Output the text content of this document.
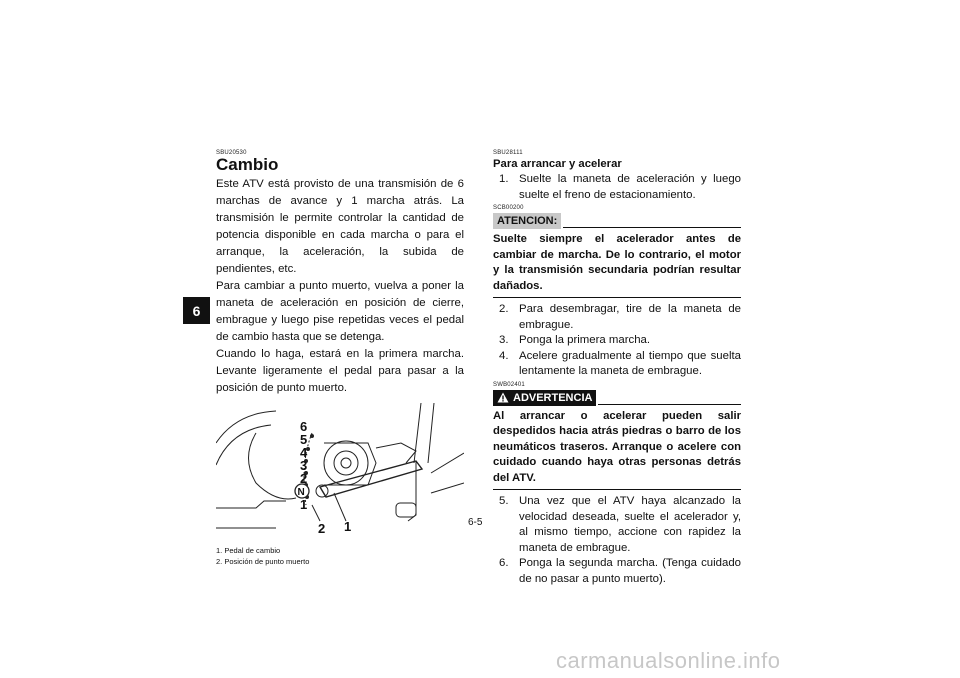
6
SBU20530
Cambio

Este ATV está provisto de una transmisión de 6 marchas de avance y 1 marcha atrás. La transmisión le permite controlar la cantidad de potencia disponible en cada marcha o para el arranque, la aceleración, la subida de pendientes, etc.

Para cambiar a punto muerto, vuelva a poner la maneta de aceleración en posición de cierre, embrague y luego pise repetidas veces el pedal de cambio hasta que se detenga.

Cuando lo haga, estará en la primera marcha. Levante ligeramente el pedal para pasar a la posición de punto muerto.

6
5
4
3
2
N
1
2 1
1. Pedal de cambio
2. Posición de punto muerto
SBU28111
Para arrancar y acelerar
1. Suelte la maneta de aceleración y luego suelte el freno de estacionamiento.
SCB00200
ATENCION:
Suelte siempre el acelerador antes de cambiar de marcha. De lo contrario, el motor y la transmisión secundaria podrían resultar dañados.
2. Para desembragar, tire de la maneta de embrague.
3. Ponga la primera marcha.
4. Acelere gradualmente al tiempo que suelta lentamente la maneta de embrague.
SWB02401
ADVERTENCIA
Al arrancar o acelerar pueden salir despedidos hacia atrás piedras o barro de los neumáticos traseros. Arranque o acelere con cuidado cuando haya otras personas detrás del ATV.
5. Una vez que el ATV haya alcanzado la velocidad deseada, suelte el acelerador y, al mismo tiempo, accione con rapidez la maneta de embrague.
6. Ponga la segunda marcha. (Tenga cuidado de no pasar a punto muerto).
6-5
carmanualsonline.info
